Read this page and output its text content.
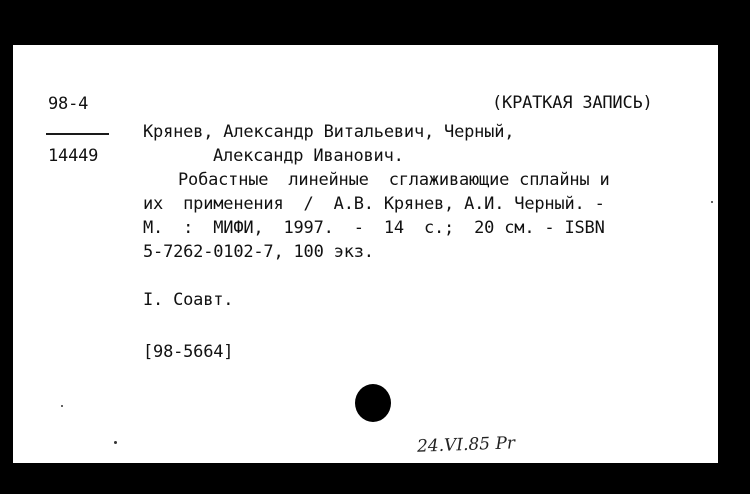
98-4	(КРАТКАЯ ЗАПИСЬ)
14449
Крянев, Александр Витальевич, Черный,
Александр Иванович.
Робастные  линейные  сглаживающие сплайны и
их  применения  /  А.В. Крянев, А.И. Черный. -
М.  :  МИФИ,  1997.  -  14  с.;  20 см. - ISBN
5-7262-0102-7, 100 экз.
I. Соавт.
[98-5664]
24.VI.85 Pr
